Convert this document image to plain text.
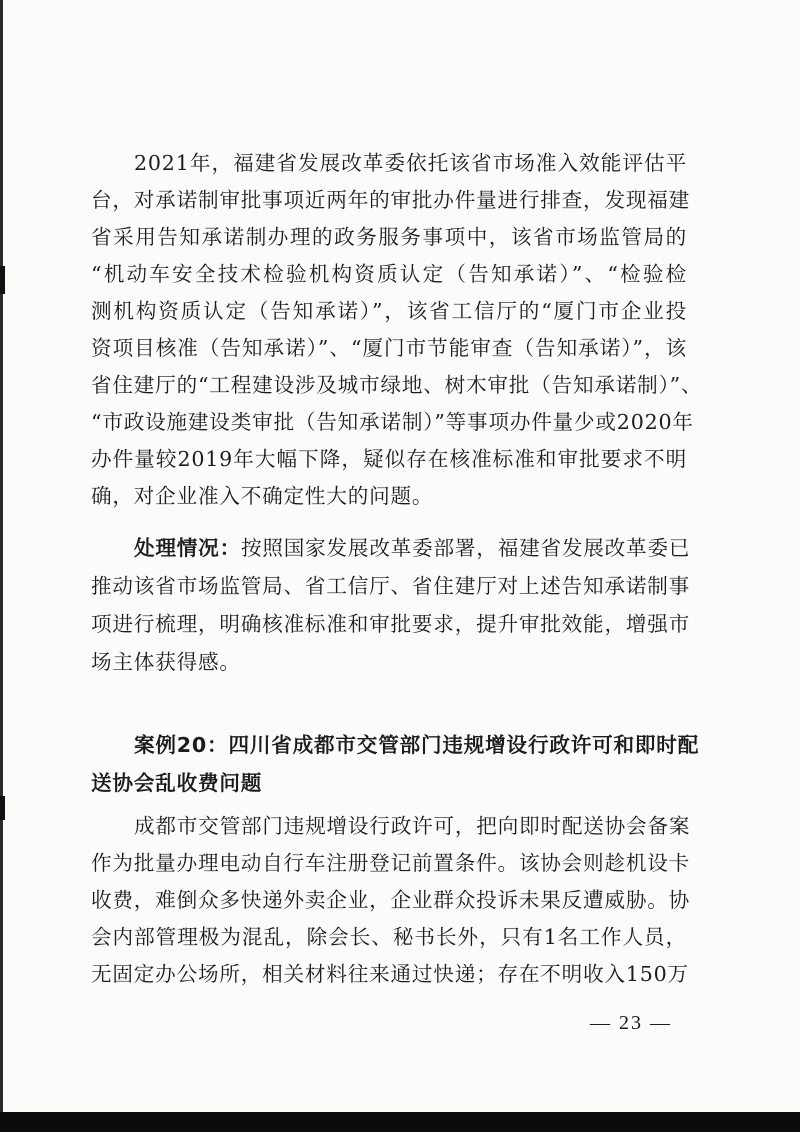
2021年，福建省发展改革委依托该省市场准入效能评估平
台，对承诺制审批事项近两年的审批办件量进行排查，发现福建
省采用告知承诺制办理的政务服务事项中，该省市场监管局的
“机动车安全技术检验机构资质认定（告知承诺）”、“检验检
测机构资质认定（告知承诺）”，该省工信厅的“厦门市企业投
资项目核准（告知承诺）”、“厦门市节能审查（告知承诺）”，该
省住建厅的“工程建设涉及城市绿地、树木审批（告知承诺制）”、
“市政设施建设类审批（告知承诺制）”等事项办件量少或2020年
办件量较2019年大幅下降，疑似存在核准标准和审批要求不明
确，对企业准入不确定性大的问题。
处理情况：按照国家发展改革委部署，福建省发展改革委已
推动该省市场监管局、省工信厅、省住建厅对上述告知承诺制事
项进行梳理，明确核准标准和审批要求，提升审批效能，增强市
场主体获得感。
案例20：四川省成都市交管部门违规增设行政许可和即时配
送协会乱收费问题
成都市交管部门违规增设行政许可，把向即时配送协会备案
作为批量办理电动自行车注册登记前置条件。该协会则趁机设卡
收费，难倒众多快递外卖企业，企业群众投诉未果反遭威胁。协
会内部管理极为混乱，除会长、秘书长外，只有1名工作人员，
无固定办公场所，相关材料往来通过快递；存在不明收入150万
— 23 —
